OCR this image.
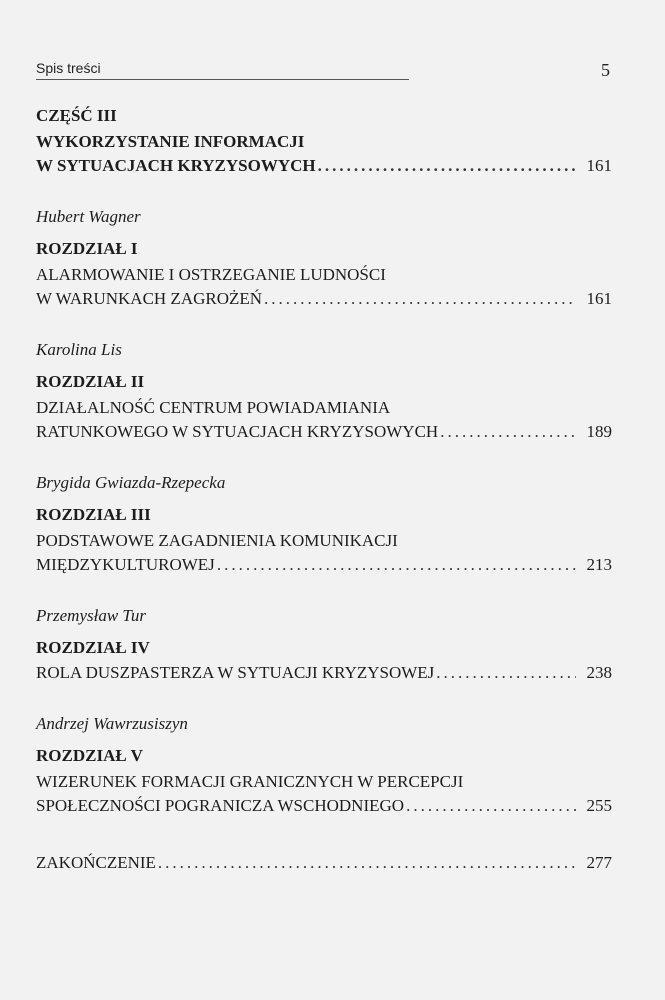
Spis treści	5
CZĘŚĆ III
WYKORZYSTANIE INFORMACJI
W SYTUACJACH KRYZYSOWYCH .....	161
Hubert Wagner
ROZDZIAŁ I
ALARMOWANIE I OSTRZEGANIE LUDNOŚCI
W WARUNKACH ZAGROŻEŃ .....	161
Karolina Lis
ROZDZIAŁ II
DZIAŁALNOŚĆ CENTRUM POWIADAMIANIA
RATUNKOWEGO W SYTUACJACH KRYZYSOWYCH .....	189
Brygida Gwiazda-Rzepecka
ROZDZIAŁ III
PODSTAWOWE ZAGADNIENIA KOMUNIKACJI
MIĘDZYKULTUROWEJ .....	213
Przemysław Tur
ROZDZIAŁ IV
ROLA DUSZPASTERZA W SYTUACJI KRYZYSOWEJ .....	238
Andrzej Wawrzusiszyn
ROZDZIAŁ V
WIZERUNEK FORMACJI GRANICZNYCH W PERCEPCJI
SPOŁECZNOŚCI POGRANICZA WSCHODNIEGO .....	255
ZAKOŃCZENIE .....	277
